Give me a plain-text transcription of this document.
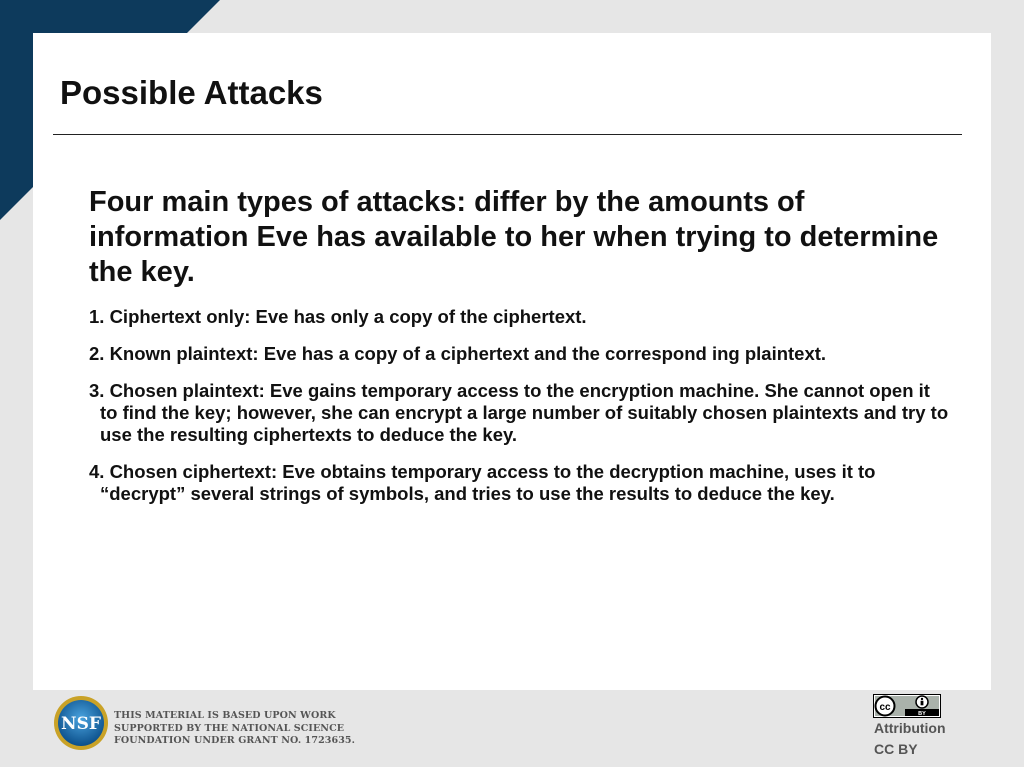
Possible Attacks

Four main types of attacks: differ by the amounts of information Eve has available to her when trying to determine the key.

1. Ciphertext only: Eve has only a copy of the ciphertext.

2. Known plaintext: Eve has a copy of a ciphertext and the correspond ing plaintext.

3. Chosen plaintext: Eve gains temporary access to the encryption machine. She cannot open it to find the key; however, she can encrypt a large number of suitably chosen plaintexts and try to use the resulting ciphertexts to deduce the key.

4. Chosen ciphertext: Eve obtains temporary access to the decryption machine, uses it to “decrypt” several strings of symbols, and tries to use the results to deduce the key.

NSF THIS MATERIAL IS BASED UPON WORK
SUPPORTED BY THE NATIONAL SCIENCE
FOUNDATION UNDER GRANT NO. 1723635.
cc
BY
Attribution
CC BY
